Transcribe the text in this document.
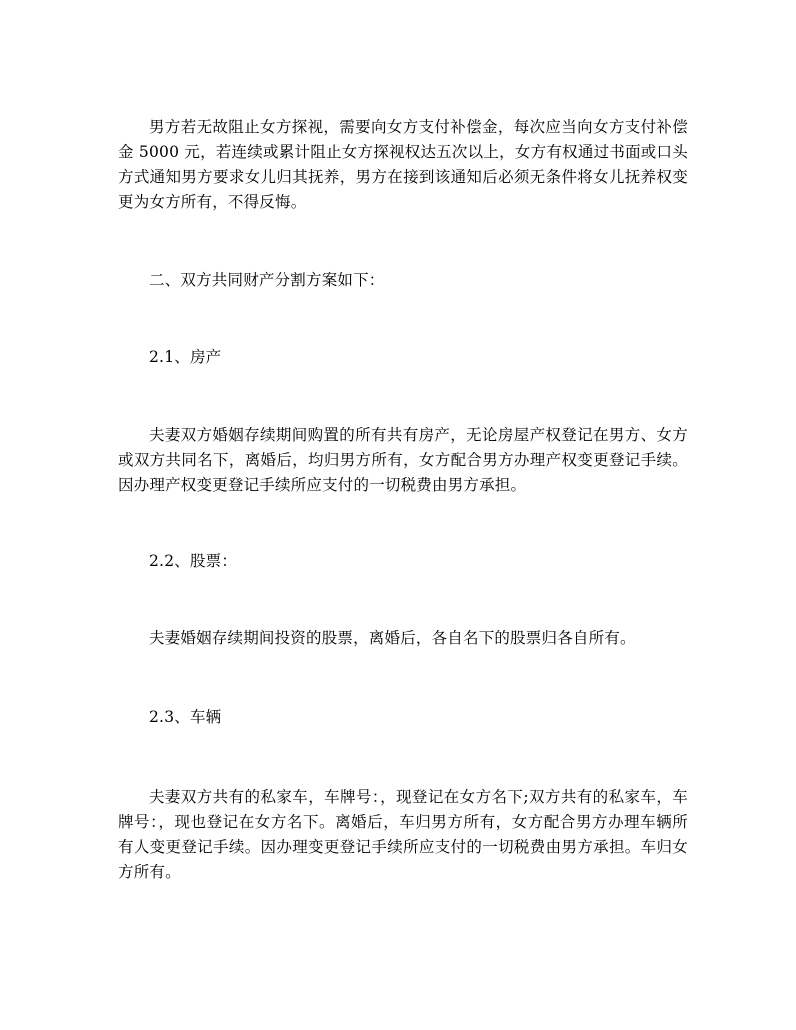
男方若无故阻止女方探视，需要向女方支付补偿金，每次应当向女方支付补偿金 5000 元，若连续或累计阻止女方探视权达五次以上，女方有权通过书面或口头方式通知男方要求女儿归其抚养，男方在接到该通知后必须无条件将女儿抚养权变更为女方所有，不得反悔。

二、双方共同财产分割方案如下：

2.1、房产

夫妻双方婚姻存续期间购置的所有共有房产，无论房屋产权登记在男方、女方或双方共同名下，离婚后，均归男方所有，女方配合男方办理产权变更登记手续。因办理产权变更登记手续所应支付的一切税费由男方承担。

2.2、股票：

夫妻婚姻存续期间投资的股票，离婚后，各自名下的股票归各自所有。

2.3、车辆

夫妻双方共有的私家车，车牌号：，现登记在女方名下;双方共有的私家车，车牌号：，现也登记在女方名下。离婚后，车归男方所有，女方配合男方办理车辆所有人变更登记手续。因办理变更登记手续所应支付的一切税费由男方承担。车归女方所有。
